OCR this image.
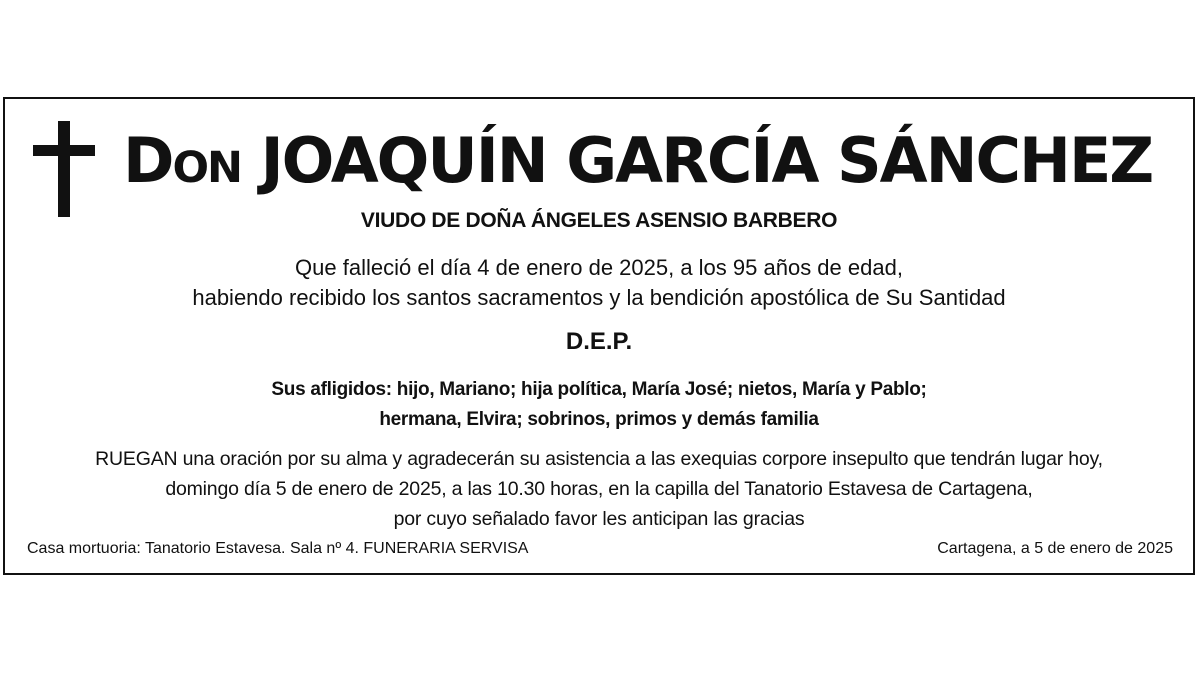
Don JOAQUÍN GARCÍA SÁNCHEZ
VIUDO DE DOÑA ÁNGELES ASENSIO BARBERO
Que falleció el día 4 de enero de 2025, a los 95 años de edad,
habiendo recibido los santos sacramentos y la bendición apostólica de Su Santidad
D.E.P.
Sus afligidos: hijo, Mariano; hija política, María José; nietos, María y Pablo;
hermana, Elvira; sobrinos, primos y demás familia
RUEGAN una oración por su alma y agradecerán su asistencia a las exequias corpore insepulto que tendrán lugar hoy,
domingo día 5 de enero de 2025, a las 10.30 horas, en la capilla del Tanatorio Estavesa de Cartagena,
por cuyo señalado favor les anticipan las gracias
Casa mortuoria: Tanatorio Estavesa. Sala nº 4. FUNERARIA SERVISA	Cartagena, a 5 de enero de 2025
